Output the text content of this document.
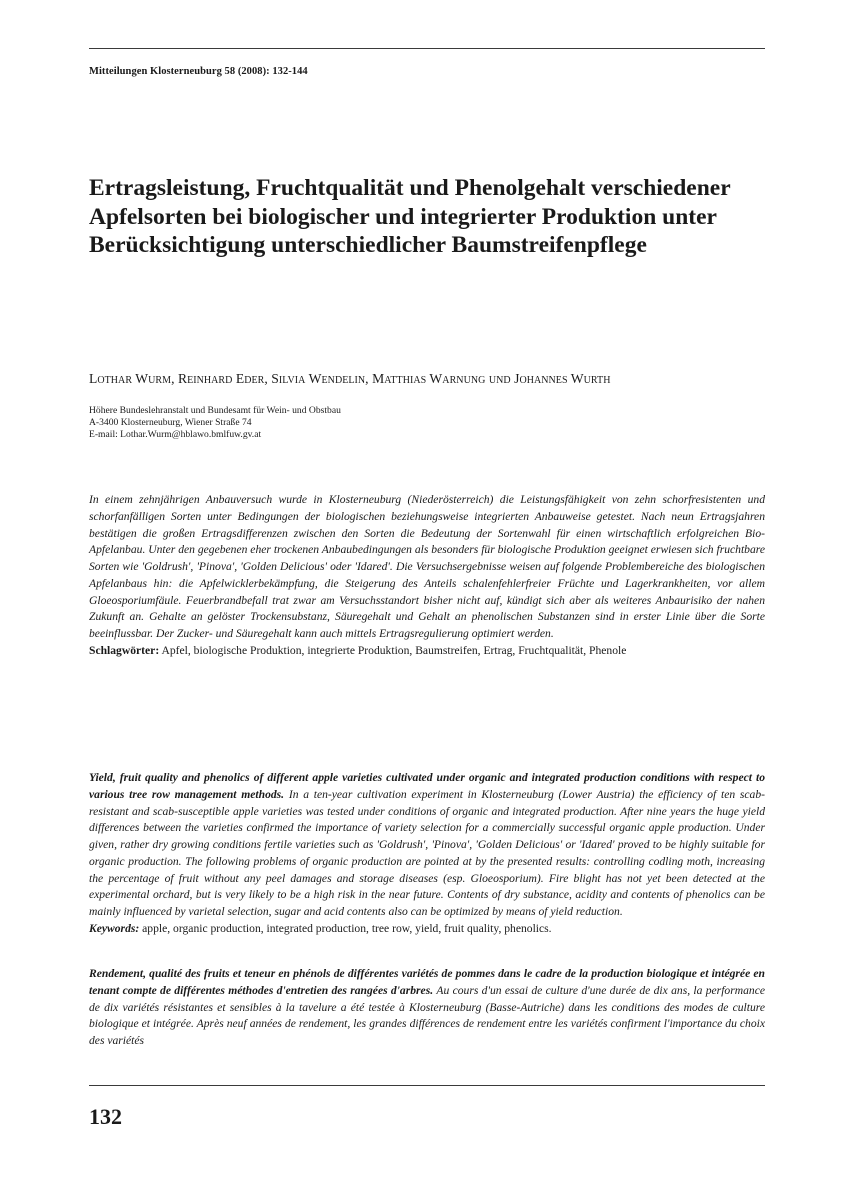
Mitteilungen Klosterneuburg 58 (2008): 132-144
Ertragsleistung, Fruchtqualität und Phenolgehalt verschiedener Apfelsorten bei biologischer und integrierter Produktion unter Berücksichtigung unterschiedlicher Baumstreifenpflege
Lothar Wurm, Reinhard Eder, Silvia Wendelin, Matthias Warnung und Johannes Wurth
Höhere Bundeslehranstalt und Bundesamt für Wein- und Obstbau
A-3400 Klosterneuburg, Wiener Straße 74
E-mail: Lothar.Wurm@hblawo.bmlfuw.gv.at

In einem zehnjährigen Anbauversuch wurde in Klosterneuburg (Niederösterreich) die Leistungsfähigkeit von zehn schorfresistenten und schorfanfälligen Sorten unter Bedingungen der biologischen beziehungsweise integrierten Anbauweise getestet. Nach neun Ertragsjahren bestätigen die großen Ertragsdifferenzen zwischen den Sorten die Bedeutung der Sortenwahl für einen wirtschaftlich erfolgreichen Bio-Apfelanbau. Unter den gegebenen eher trockenen Anbaubedingungen als besonders für biologische Produktion geeignet erwiesen sich fruchtbare Sorten wie 'Goldrush', 'Pinova', 'Golden Delicious' oder 'Idared'. Die Versuchsergebnisse weisen auf folgende Problembereiche des biologischen Apfelanbaus hin: die Apfelwicklerbekämpfung, die Steigerung des Anteils schalenfehlerfreier Früchte und Lagerkrankheiten, vor allem Gloeosporiumfäule. Feuerbrandbefall trat zwar am Versuchsstandort bisher nicht auf, kündigt sich aber als weiteres Anbaurisiko der nahen Zukunft an. Gehalte an gelöster Trockensubstanz, Säuregehalt und Gehalt an phenolischen Substanzen sind in erster Linie über die Sorte beeinflussbar. Der Zucker- und Säuregehalt kann auch mittels Ertragsregulierung optimiert werden.

Schlagwörter: Apfel, biologische Produktion, integrierte Produktion, Baumstreifen, Ertrag, Fruchtqualität, Phenole

Yield, fruit quality and phenolics of different apple varieties cultivated under organic and integrated production conditions with respect to various tree row management methods. In a ten-year cultivation experiment in Klosterneuburg (Lower Austria) the efficiency of ten scab-resistant and scab-susceptible apple varieties was tested under conditions of organic and integrated production. After nine years the huge yield differences between the varieties confirmed the importance of variety selection for a commercially successful organic apple production. Under given, rather dry growing conditions fertile varieties such as 'Goldrush', 'Pinova', 'Golden Delicious' or 'Idared' proved to be highly suitable for organic production. The following problems of organic production are pointed at by the presented results: controlling codling moth, increasing the percentage of fruit without any peel damages and storage diseases (esp. Gloeosporium). Fire blight has not yet been detected at the experimental orchard, but is very likely to be a high risk in the near future. Contents of dry substance, acidity and contents of phenolics can be mainly influenced by varietal selection, sugar and acid contents also can be optimized by means of yield reduction.

Keywords: apple, organic production, integrated production, tree row, yield, fruit quality, phenolics.

Rendement, qualité des fruits et teneur en phénols de différentes variétés de pommes dans le cadre de la production biologique et intégrée en tenant compte de différentes méthodes d'entretien des rangées d'arbres. Au cours d'un essai de culture d'une durée de dix ans, la performance de dix variétés résistantes et sensibles à la tavelure a été testée à Klosterneuburg (Basse-Autriche) dans les conditions des modes de culture biologique et intégrée. Après neuf années de rendement, les grandes différences de rendement entre les variétés confirment l'importance du choix des variétés

132
